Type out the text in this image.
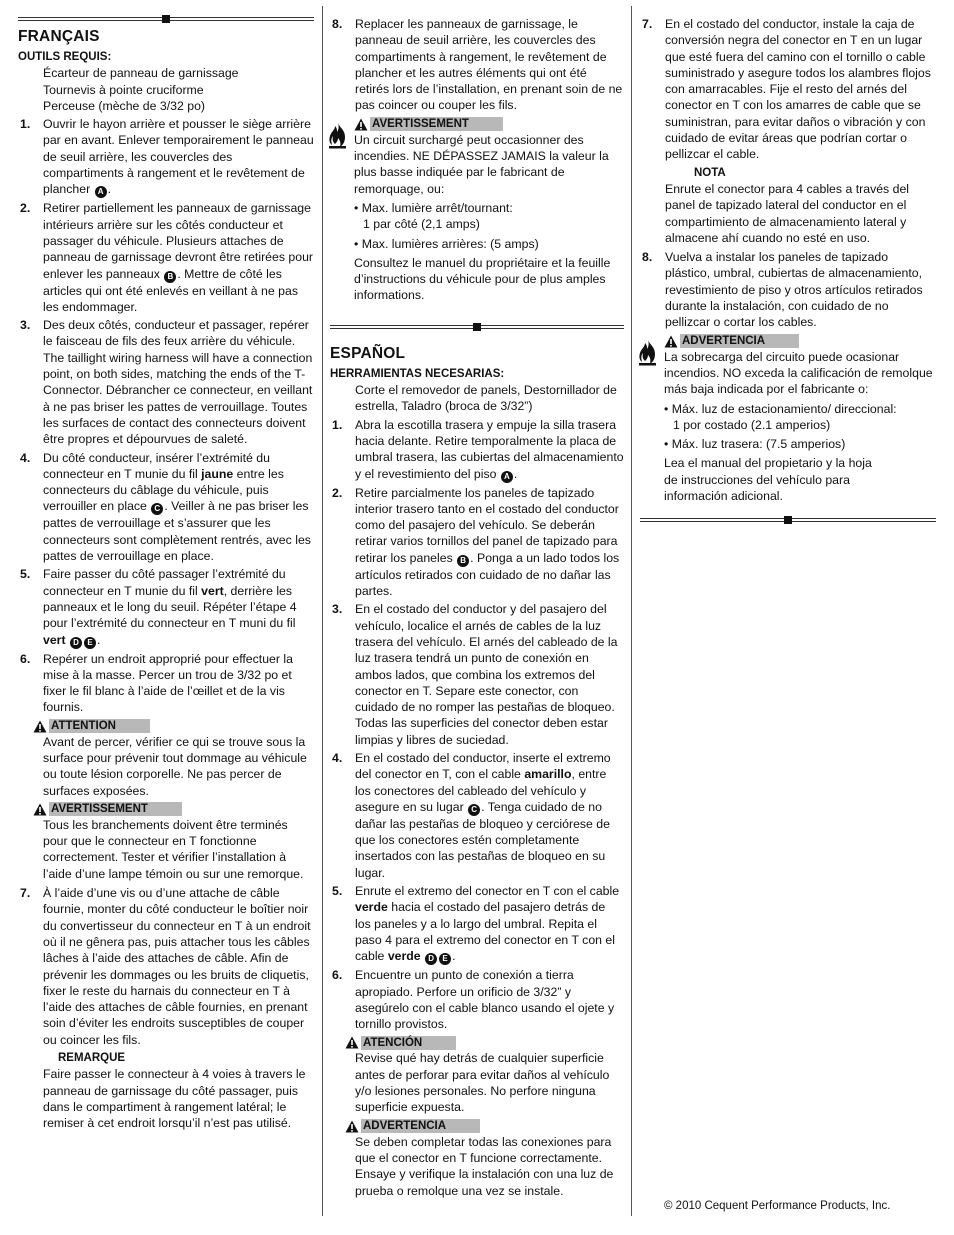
FRANÇAIS
OUTILS REQUIS:
Écarteur de panneau de garnissage
Tournevis à pointe cruciforme
Perceuse (mèche de 3/32 po)
1. Ouvrir le hayon arrière et pousser le siège arrière par en avant. Enlever temporairement le panneau de seuil arrière, les couvercles des compartiments à rangement et le revêtement de plancher A .
2. Retirer partiellement les panneaux de garnissage intérieurs arrière sur les côtés conducteur et passager du véhicule. Plusieurs attaches de panneau de garnissage devront être retirées pour enlever les panneaux B . Mettre de côté les articles qui ont été enlevés en veillant à ne pas les endommager.
3. Des deux côtés, conducteur et passager, repérer le faisceau de fils des feux arrière du véhicule. The taillight wiring harness will have a connection point, on both sides, matching the ends of the T-Connector. Débrancher ce connecteur, en veillant à ne pas briser les pattes de verrouillage. Toutes les surfaces de contact des connecteurs doivent être propres et dépourvues de saleté.
4. Du côté conducteur, insérer l’extrémité du connecteur en T munie du fil jaune entre les connecteurs du câblage du véhicule, puis verrouiller en place C . Veiller à ne pas briser les pattes de verrouillage et s’assurer que les connecteurs sont complètement rentrés, avec les pattes de verrouillage en place.
5. Faire passer du côté passager l’extrémité du connecteur en T munie du fil vert, derrière les panneaux et le long du seuil. Répéter l’étape 4 pour l’extrémité du connecteur en T muni du fil vert D E .
6. Repérer un endroit approprié pour effectuer la mise à la masse. Percer un trou de 3/32 po et fixer le fil blanc à l’aide de l’œillet et de la vis fournis.
ATTENTION
Avant de percer, vérifier ce qui se trouve sous la surface pour prévenir tout dommage au véhicule ou toute lésion corporelle. Ne pas percer de surfaces exposées.
AVERTISSEMENT
Tous les branchements doivent être terminés pour que le connecteur en T fonctionne correctement. Tester et vérifier l’installation à l’aide d’une lampe témoin ou sur une remorque.
7. À l’aide d’une vis ou d’une attache de câble fournie, monter du côté conducteur le boîtier noir du convertisseur du connecteur en T à un endroit où il ne gênera pas, puis attacher tous les câbles lâches à l’aide des attaches de câble. Afin de prévenir les dommages ou les bruits de cliquetis, fixer le reste du harnais du connecteur en T à l’aide des attaches de câble fournies, en prenant soin d’éviter les endroits susceptibles de couper ou coincer les fils.
REMARQUE
Faire passer le connecteur à 4 voies à travers le panneau de garnissage du côté passager, puis dans le compartiment à rangement latéral; le remiser à cet endroit lorsqu’il n’est pas utilisé.
8. Replacer les panneaux de garnissage, le panneau de seuil arrière, les couvercles des compartiments à rangement, le revêtement de plancher et les autres éléments qui ont été retirés lors de l’installation, en prenant soin de ne pas coincer ou couper les fils.
AVERTISSEMENT
Un circuit surchargé peut occasionner des incendies. NE DÉPASSEZ JAMAIS la valeur la plus basse indiquée par le fabricant de remorquage, ou:
• Max. lumière arrêt/tournant:
1 par côté (2,1 amps)
• Max. lumières arrières: (5 amps)
Consultez le manuel du propriétaire et la feuille d’instructions du véhicule pour de plus amples informations.
ESPAÑOL
HERRAMIENTAS NECESARIAS:
Corte el removedor de panels, Destornillador de estrella, Taladro (broca de 3/32”)
1. Abra la escotilla trasera y empuje la silla trasera hacia delante. Retire temporalmente la placa de umbral trasera, las cubiertas del almacenamiento y el revestimiento del piso A .
2. Retire parcialmente los paneles de tapizado interior trasero tanto en el costado del conductor como del pasajero del vehículo. Se deberán retirar varios tornillos del panel de tapizado para retirar los paneles B . Ponga a un lado todos los artículos retirados con cuidado de no dañar las partes.
3. En el costado del conductor y del pasajero del vehículo, localice el arnés de cables de la luz trasera del vehículo. El arnés del cableado de la luz trasera tendrá un punto de conexión en ambos lados, que combina los extremos del conector en T. Separe este conector, con cuidado de no romper las pestañas de bloqueo. Todas las superficies del conector deben estar limpias y libres de suciedad.
4. En el costado del conductor, inserte el extremo del conector en T, con el cable amarillo, entre los conectores del cableado del vehículo y asegure en su lugar C . Tenga cuidado de no dañar las pestañas de bloqueo y cerciórese de que los conectores estén completamente insertados con las pestañas de bloqueo en su lugar.
5. Enrute el extremo del conector en T con el cable verde hacia el costado del pasajero detrás de los paneles y a lo largo del umbral. Repita el paso 4 para el extremo del conector en T con el cable verde D E .
6. Encuentre un punto de conexión a tierra apropiado. Perfore un orificio de 3/32” y asegúrelo con el cable blanco usando el ojete y tornillo provistos.
ATENCIÓN
Revise qué hay detrás de cualquier superficie antes de perforar para evitar daños al vehículo y/o lesiones personales. No perfore ninguna superficie expuesta.
ADVERTENCIA
Se deben completar todas las conexiones para que el conector en T funcione correctamente. Ensaye y verifique la instalación con una luz de prueba o remolque una vez se instale.
7. En el costado del conductor, instale la caja de conversión negra del conector en T en un lugar que esté fuera del camino con el tornillo o cable suministrado y asegure todos los alambres flojos con amarracables. Fije el resto del arnés del conector en T con los amarres de cable que se suministran, para evitar daños o vibración y con cuidado de evitar áreas que podrían cortar o pellizcar el cable.
NOTA
Enrute el conector para 4 cables a través del panel de tapizado lateral del conductor en el compartimiento de almacenamiento lateral y almacene ahí cuando no esté en uso.
8. Vuelva a instalar los paneles de tapizado plástico, umbral, cubiertas de almacenamiento, revestimiento de piso y otros artículos retirados durante la instalación, con cuidado de no pellizcar o cortar los cables.
ADVERTENCIA
La sobrecarga del circuito puede ocasionar incendios. NO exceda la calificación de remolque más baja indicada por el fabricante o:
• Máx. luz de estacionamiento/ direccional:
1 por costado (2.1 amperios)
• Máx. luz trasera: (7.5 amperios)
Lea el manual del propietario y la hoja de instrucciones del vehículo para información adicional.
© 2010 Cequent Performance Products, Inc.
